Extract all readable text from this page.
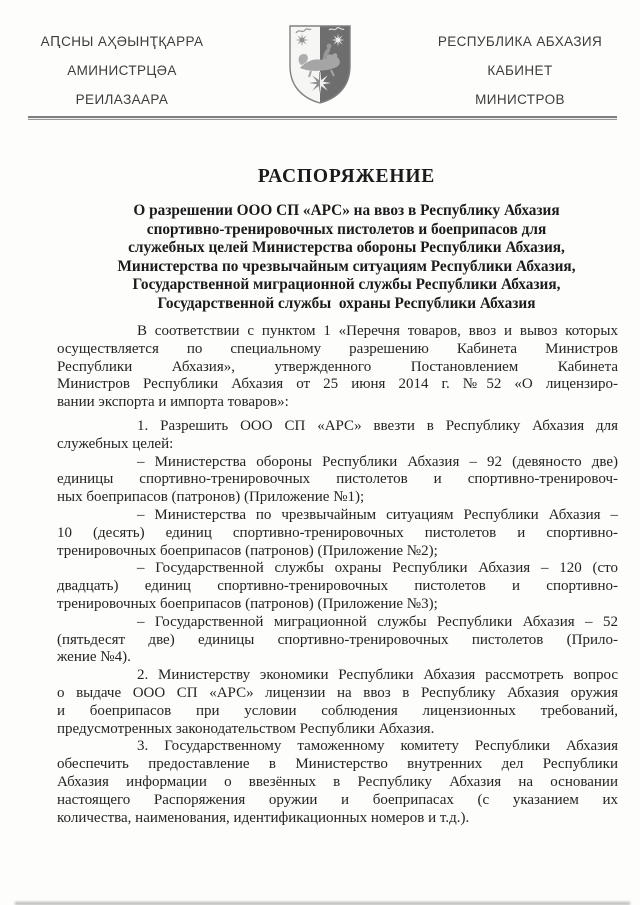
АԤСНЫ АҲӘЫНҬҚАРРА
АМИНИСТРЦӘА
РЕИЛАЗААРА
РЕСПУБЛИКА АБХАЗИЯ
КАБИНЕТ
МИНИСТРОВ
РАСПОРЯЖЕНИЕ
О разрешении ООО СП «АРС» на ввоз в Республику Абхазия
спортивно-тренировочных пистолетов и боеприпасов для
служебных целей Министерства обороны Республики Абхазия,
Министерства по чрезвычайным ситуациям Республики Абхазия,
Государственной миграционной службы Республики Абхазия,
Государственной службы  охраны Республики Абхазия
В соответствии с пунктом 1 «Перечня товаров, ввоз и вывоз которых
осуществляется по специальному разрешению Кабинета Министров
Республики Абхазия», утвержденного Постановлением Кабинета
Министров Республики Абхазия от 25 июня 2014 г. №52 «О лицензиро-
вании экспорта и импорта товаров»:
1. Разрешить ООО СП «АРС» ввезти в Республику Абхазия для
служебных целей:
– Министерства обороны Республики Абхазия – 92 (девяносто две)
единицы спортивно-тренировочных пистолетов и спортивно-тренировоч-
ных боеприпасов (патронов) (Приложение №1);
– Министерства по чрезвычайным ситуациям Республики Абхазия –
10 (десять) единиц спортивно-тренировочных пистолетов и спортивно-
тренировочных боеприпасов (патронов) (Приложение №2);
– Государственной службы охраны Республики Абхазия – 120 (сто
двадцать) единиц спортивно-тренировочных пистолетов и спортивно-
тренировочных боеприпасов (патронов) (Приложение №3);
– Государственной миграционной службы Республики Абхазия – 52
(пятьдесят две) единицы спортивно-тренировочных пистолетов (Прило-
жение №4).
2. Министерству экономики Республики Абхазия рассмотреть вопрос
о выдаче ООО СП «АРС» лицензии на ввоз в Республику Абхазия оружия
и боеприпасов при условии соблюдения лицензионных требований,
предусмотренных законодательством Республики Абхазия.
3. Государственному таможенному комитету Республики Абхазия
обеспечить предоставление в Министерство внутренних дел Республики
Абхазия информации о ввезённых в Республику Абхазия на основании
настоящего Распоряжения оружии и боеприпасах (с указанием их
количества, наименования, идентификационных номеров и т.д.).
